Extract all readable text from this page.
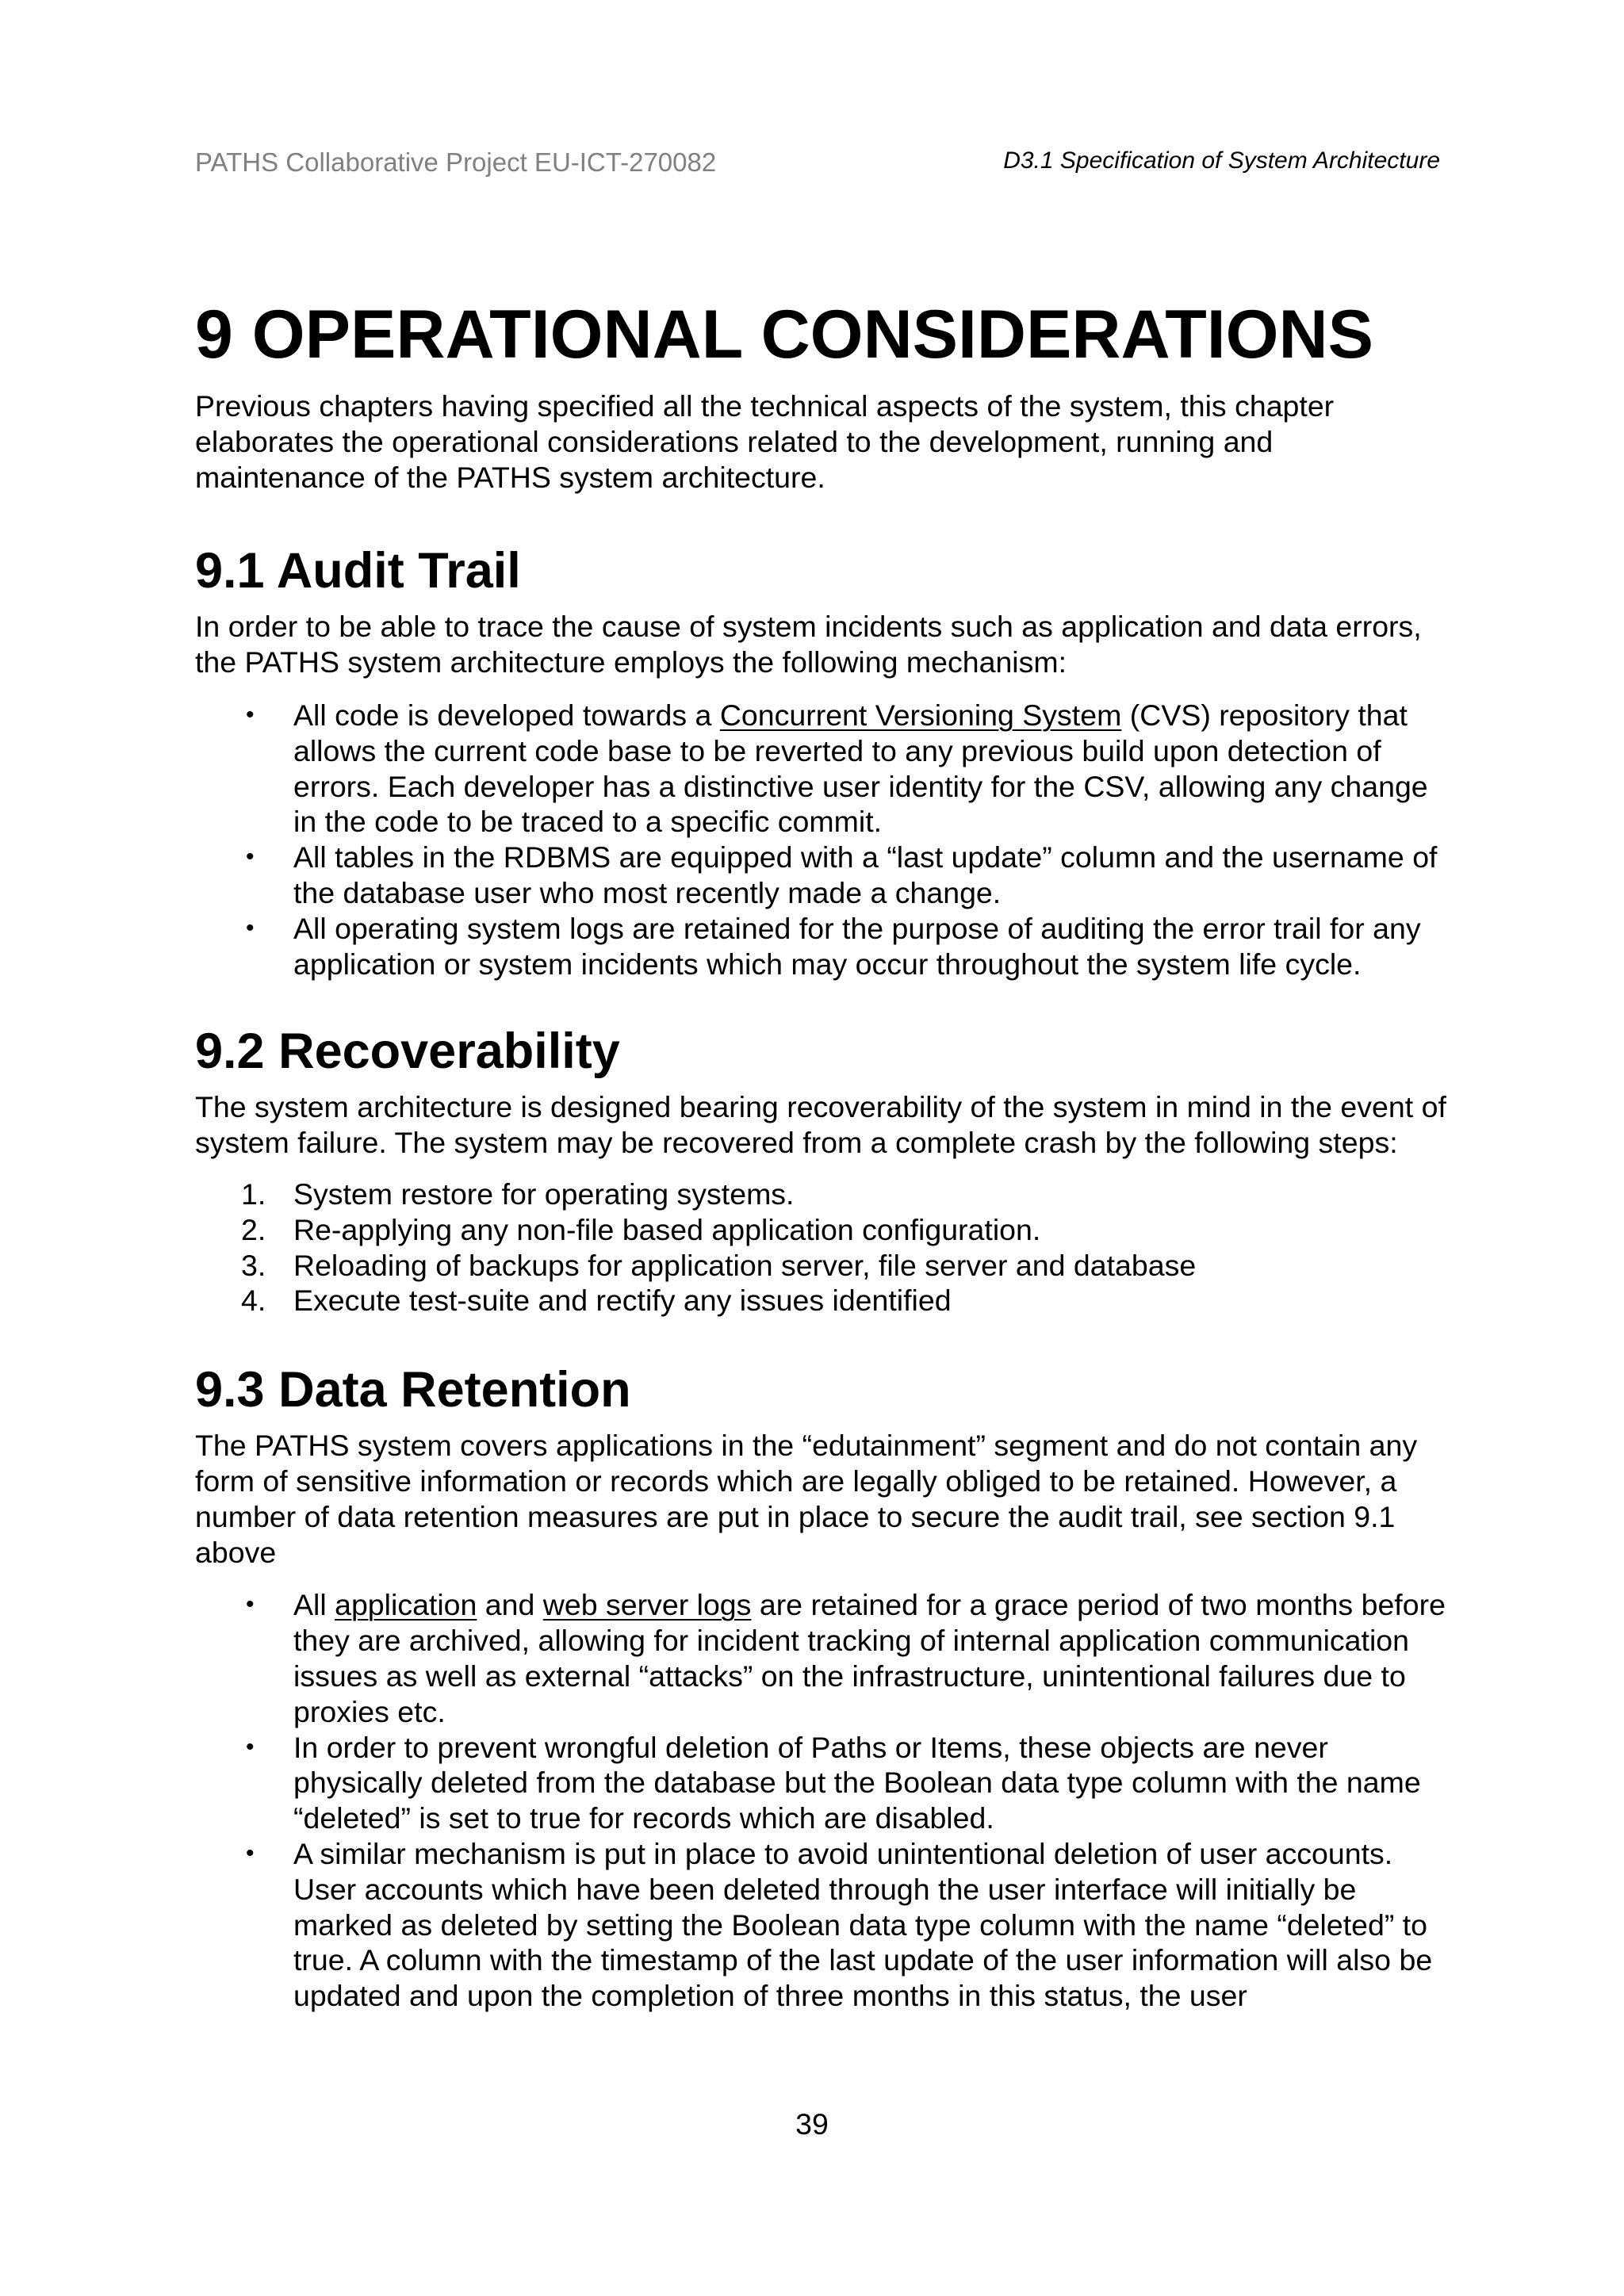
PATHS Collaborative Project EU-ICT-270082	D3.1 Specification of System Architecture
9 OPERATIONAL CONSIDERATIONS

Previous chapters having specified all the technical aspects of the system, this chapter elaborates the operational considerations related to the development, running and maintenance of the PATHS system architecture.

9.1 Audit Trail

In order to be able to trace the cause of system incidents such as application and data errors, the PATHS system architecture employs the following mechanism:

• All code is developed towards a Concurrent Versioning System (CVS) repository that allows the current code base to be reverted to any previous build upon detection of errors. Each developer has a distinctive user identity for the CSV, allowing any change in the code to be traced to a specific commit.
• All tables in the RDBMS are equipped with a “last update” column and the username of the database user who most recently made a change.
• All operating system logs are retained for the purpose of auditing the error trail for any application or system incidents which may occur throughout the system life cycle.
9.2 Recoverability

The system architecture is designed bearing recoverability of the system in mind in the event of system failure. The system may be recovered from a complete crash by the following steps:

1. System restore for operating systems.
2. Re-applying any non-file based application configuration.
3. Reloading of backups for application server, file server and database
4. Execute test-suite and rectify any issues identified
9.3 Data Retention

The PATHS system covers applications in the “edutainment” segment and do not contain any form of sensitive information or records which are legally obliged to be retained. However, a number of data retention measures are put in place to secure the audit trail, see section 9.1 above

• All application and web server logs are retained for a grace period of two months before they are archived, allowing for incident tracking of internal application communication issues as well as external “attacks” on the infrastructure, unintentional failures due to proxies etc.
• In order to prevent wrongful deletion of Paths or Items, these objects are never physically deleted from the database but the Boolean data type column with the name “deleted” is set to true for records which are disabled.
• A similar mechanism is put in place to avoid unintentional deletion of user accounts. User accounts which have been deleted through the user interface will initially be marked as deleted by setting the Boolean data type column with the name “deleted” to true. A column with the timestamp of the last update of the user information will also be updated and upon the completion of three months in this status, the user
39
